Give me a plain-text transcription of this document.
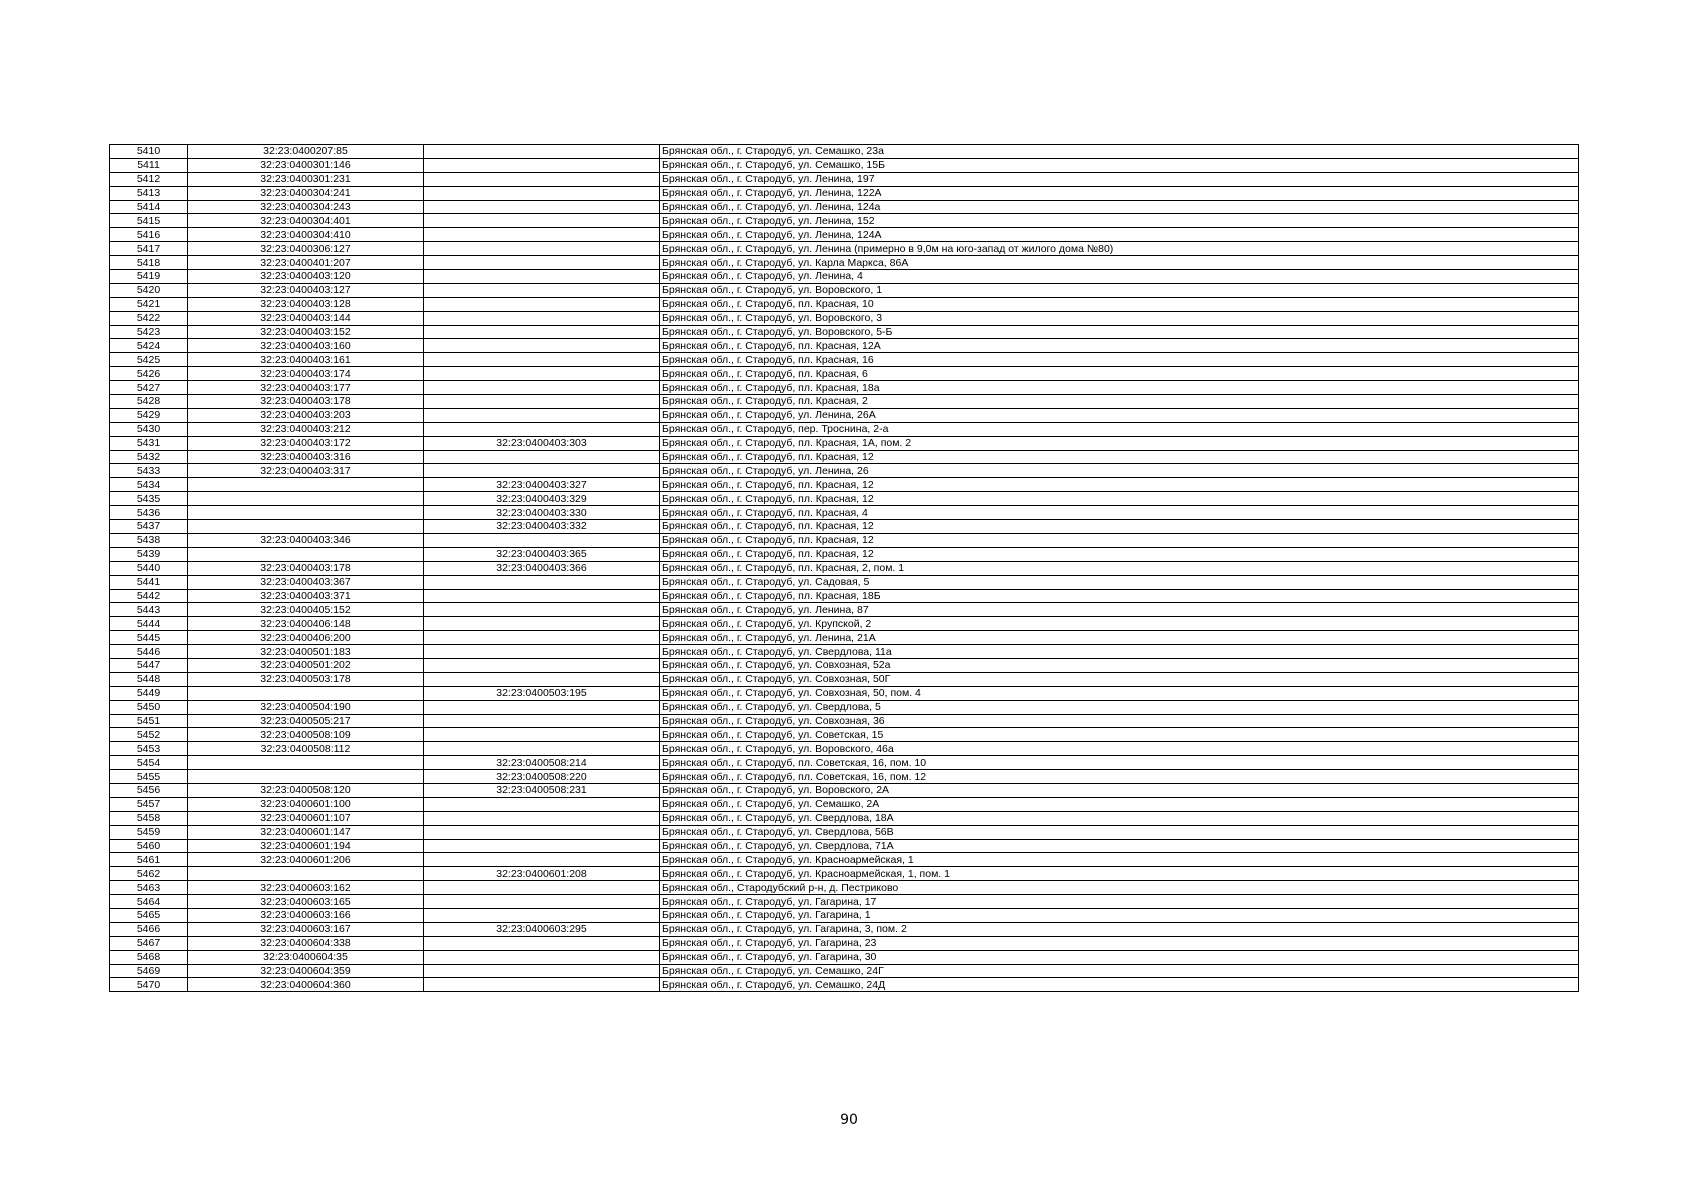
5410	32:23:0400207:85		Брянская обл., г. Стародуб, ул. Семашко, 23а
5411	32:23:0400301:146		Брянская обл., г. Стародуб, ул. Семашко, 15Б
5412	32:23:0400301:231		Брянская обл., г. Стародуб, ул. Ленина, 197
5413	32:23:0400304:241		Брянская обл., г. Стародуб, ул. Ленина, 122А
5414	32:23:0400304:243		Брянская обл., г. Стародуб, ул. Ленина, 124а
5415	32:23:0400304:401		Брянская обл., г. Стародуб, ул. Ленина, 152
5416	32:23:0400304:410		Брянская обл., г. Стародуб, ул. Ленина, 124А
5417	32:23:0400306:127		Брянская обл., г. Стародуб, ул. Ленина (примерно в 9,0м на юго-запад от жилого дома №80)
5418	32:23:0400401:207		Брянская обл., г. Стародуб, ул. Карла Маркса, 86А
5419	32:23:0400403:120		Брянская обл., г. Стародуб, ул. Ленина, 4
5420	32:23:0400403:127		Брянская обл., г. Стародуб, ул. Воровского, 1
5421	32:23:0400403:128		Брянская обл., г. Стародуб, пл. Красная, 10
5422	32:23:0400403:144		Брянская обл., г. Стародуб, ул. Воровского, 3
5423	32:23:0400403:152		Брянская обл., г. Стародуб, ул. Воровского, 5-Б
5424	32:23:0400403:160		Брянская обл., г. Стародуб, пл. Красная, 12А
5425	32:23:0400403:161		Брянская обл., г. Стародуб, пл. Красная, 16
5426	32:23:0400403:174		Брянская обл., г. Стародуб, пл. Красная, 6
5427	32:23:0400403:177		Брянская обл., г. Стародуб, пл. Красная, 18а
5428	32:23:0400403:178		Брянская обл., г. Стародуб, пл. Красная, 2
5429	32:23:0400403:203		Брянская обл., г. Стародуб, ул. Ленина, 26А
5430	32:23:0400403:212		Брянская обл., г. Стародуб, пер. Троснина, 2-а
5431	32:23:0400403:172	32:23:0400403:303	Брянская обл., г. Стародуб, пл. Красная, 1А, пом. 2
5432	32:23:0400403:316		Брянская обл., г. Стародуб, пл. Красная, 12
5433	32:23:0400403:317		Брянская обл., г. Стародуб, ул. Ленина, 26
5434		32:23:0400403:327	Брянская обл., г. Стародуб, пл. Красная, 12
5435		32:23:0400403:329	Брянская обл., г. Стародуб, пл. Красная, 12
5436		32:23:0400403:330	Брянская обл., г. Стародуб, пл. Красная, 4
5437		32:23:0400403:332	Брянская обл., г. Стародуб, пл. Красная, 12
5438	32:23:0400403:346		Брянская обл., г. Стародуб, пл. Красная, 12
5439		32:23:0400403:365	Брянская обл., г. Стародуб, пл. Красная, 12
5440	32:23:0400403:178	32:23:0400403:366	Брянская обл., г. Стародуб, пл. Красная, 2, пом. 1
5441	32:23:0400403:367		Брянская обл., г. Стародуб, ул. Садовая, 5
5442	32:23:0400403:371		Брянская обл., г. Стародуб, пл. Красная, 18Б
5443	32:23:0400405:152		Брянская обл., г. Стародуб, ул. Ленина, 87
5444	32:23:0400406:148		Брянская обл., г. Стародуб, ул. Крупской, 2
5445	32:23:0400406:200		Брянская обл., г. Стародуб, ул. Ленина, 21А
5446	32:23:0400501:183		Брянская обл., г. Стародуб, ул. Свердлова, 11а
5447	32:23:0400501:202		Брянская обл., г. Стародуб, ул. Совхозная, 52а
5448	32:23:0400503:178		Брянская обл., г. Стародуб, ул. Совхозная, 50Г
5449		32:23:0400503:195	Брянская обл., г. Стародуб, ул. Совхозная, 50, пом. 4
5450	32:23:0400504:190		Брянская обл., г. Стародуб, ул. Свердлова, 5
5451	32:23:0400505:217		Брянская обл., г. Стародуб, ул. Совхозная, 36
5452	32:23:0400508:109		Брянская обл., г. Стародуб, ул. Советская, 15
5453	32:23:0400508:112		Брянская обл., г. Стародуб, ул. Воровского, 46а
5454		32:23:0400508:214	Брянская обл., г. Стародуб, пл. Советская, 16, пом. 10
5455		32:23:0400508:220	Брянская обл., г. Стародуб, пл. Советская, 16, пом. 12
5456	32:23:0400508:120	32:23:0400508:231	Брянская обл., г. Стародуб, ул. Воровского, 2А
5457	32:23:0400601:100		Брянская обл., г. Стародуб, ул. Семашко, 2А
5458	32:23:0400601:107		Брянская обл., г. Стародуб, ул. Свердлова, 18А
5459	32:23:0400601:147		Брянская обл., г. Стародуб, ул. Свердлова, 56В
5460	32:23:0400601:194		Брянская обл., г. Стародуб, ул. Свердлова, 71А
5461	32:23:0400601:206		Брянская обл., г. Стародуб, ул. Красноармейская, 1
5462		32:23:0400601:208	Брянская обл., г. Стародуб, ул. Красноармейская, 1, пом. 1
5463	32:23:0400603:162		Брянская обл., Стародубский р-н, д. Пестриково
5464	32:23:0400603:165		Брянская обл., г. Стародуб, ул. Гагарина, 17
5465	32:23:0400603:166		Брянская обл., г. Стародуб, ул. Гагарина, 1
5466	32:23:0400603:167	32:23:0400603:295	Брянская обл., г. Стародуб, ул. Гагарина, 3, пом. 2
5467	32:23:0400604:338		Брянская обл., г. Стародуб, ул. Гагарина, 23
5468	32:23:0400604:35		Брянская обл., г. Стародуб, ул. Гагарина, 30
5469	32:23:0400604:359		Брянская обл., г. Стародуб, ул. Семашко, 24Г
5470	32:23:0400604:360		Брянская обл., г. Стародуб, ул. Семашко, 24Д
90
